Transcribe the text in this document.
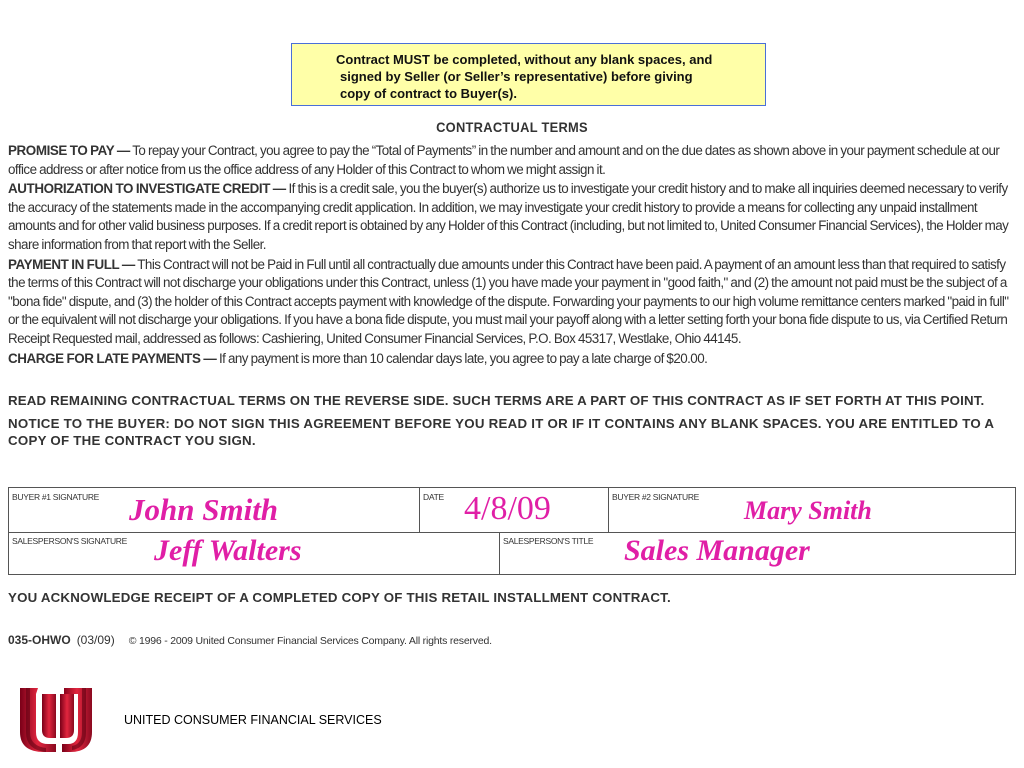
Contract MUST be completed, without any blank spaces, and
signed by Seller (or Seller’s representative) before giving
copy of contract to Buyer(s).
CONTRACTUAL TERMS

PROMISE TO PAY — To repay your Contract, you agree to pay the “Total of Payments” in the number and amount and on the due dates as shown above in your payment schedule at our office address or after notice from us the office address of any Holder of this Contract to whom we might assign it.

AUTHORIZATION TO INVESTIGATE CREDIT — If this is a credit sale, you the buyer(s) authorize us to investigate your credit history and to make all inquiries deemed necessary to verify the accuracy of the statements made in the accompanying credit application. In addition, we may investigate your credit history to provide a means for collecting any unpaid installment amounts and for other valid business purposes. If a credit report is obtained by any Holder of this Contract (including, but not limited to, United Consumer Financial Services), the Holder may share information from that report with the Seller.

PAYMENT IN FULL — This Contract will not be Paid in Full until all contractually due amounts under this Contract have been paid. A payment of an amount less than that required to satisfy the terms of this Contract will not discharge your obligations under this Contract, unless (1) you have made your payment in "good faith," and (2) the amount not paid must be the subject of a "bona fide" dispute, and (3) the holder of this Contract accepts payment with knowledge of the dispute. Forwarding your payments to our high volume remittance centers marked "paid in full" or the equivalent will not discharge your obligations. If you have a bona fide dispute, you must mail your payoff along with a letter setting forth your bona fide dispute to us, via Certified Return Receipt Requested mail, addressed as follows: Cashiering, United Consumer Financial Services, P.O. Box 45317, Westlake, Ohio 44145.

CHARGE FOR LATE PAYMENTS — If any payment is more than 10 calendar days late, you agree to pay a late charge of $20.00.

READ REMAINING CONTRACTUAL TERMS ON THE REVERSE SIDE. SUCH TERMS ARE A PART OF THIS CONTRACT AS IF SET FORTH AT THIS POINT.

NOTICE TO THE BUYER: DO NOT SIGN THIS AGREEMENT BEFORE YOU READ IT OR IF IT CONTAINS ANY BLANK SPACES. YOU ARE ENTITLED TO A COPY OF THE CONTRACT YOU SIGN.

BUYER #1 SIGNATURE John Smith	DATE 4/8/09	BUYER #2 SIGNATURE Mary Smith
SALESPERSON'S SIGNATURE Jeff Walters	SALESPERSON'S TITLE Sales Manager
YOU ACKNOWLEDGE RECEIPT OF A COMPLETED COPY OF THIS RETAIL INSTALLMENT CONTRACT.
035-OHWO (03/09) © 1996 - 2009 United Consumer Financial Services Company. All rights reserved.
UNITED CONSUMER FINANCIAL SERVICES
